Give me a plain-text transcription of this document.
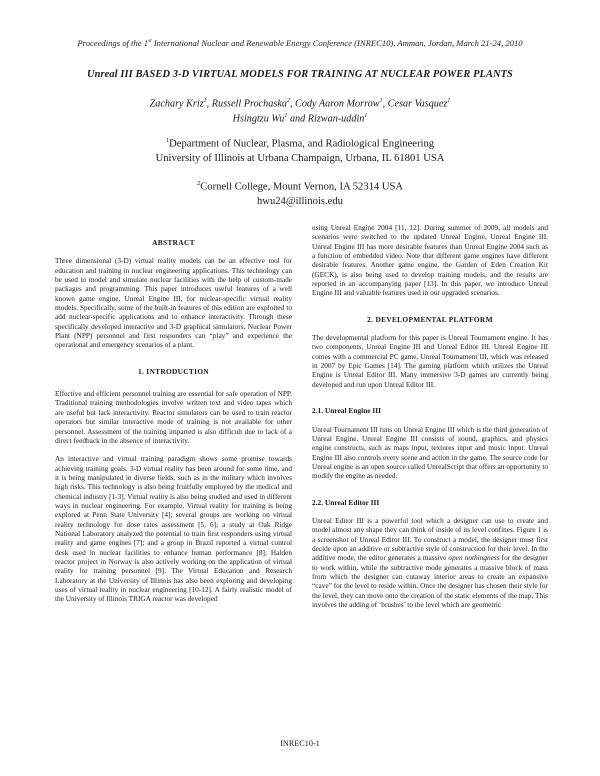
Proceedings of the 1st International Nuclear and Renewable Energy Conference (INREC10), Amman, Jordan, March 21-24, 2010
Unreal III BASED 3-D VIRTUAL MODELS FOR TRAINING AT NUCLEAR POWER PLANTS
Zachary Kriz$^1$, Russell Prochaska$^2$, Cody Aaron Morrow$^1$, Cesar Vasquez$^1$
Hsingtzu Wu$^1$ and Rizwan-uddin$^1$
$^1$Department of Nuclear, Plasma, and Radiological Engineering
University of Illinois at Urbana Champaign, Urbana, IL 61801 USA
$^2$Cornell College, Mount Vernon, IA 52314 USA
hwu24@illinois.edu
ABSTRACT

Three dimensional (3-D) virtual reality models can be an effective tool for education and training in nuclear engineering applications. This technology can be used to model and simulate nuclear facilities with the help of custom-made packages and programming. This paper introduces useful features of a well known game engine, Unreal Engine III, for nuclear-specific virtual reality models. Specifically, some of the built-in features of this edition are exploited to add nuclear-specific applications and to enhance interactivity. Through these specifically developed interactive and 3-D graphical simulators, Nuclear Power Plant (NPP) personnel and first responders can “play” and experience the operational and emergency scenarios of a plant.

1. INTRODUCTION

Effective and efficient personnel training are essential for safe operation of NPP. Traditional training methodologies involve written text and video tapes which are useful but lack interactivity. Reactor simulators can be used to train reactor operators but similar interactive mode of training is not available for other personnel. Assessment of the training imparted is also difficult due to lack of a direct feedback in the absence of interactivity.

An interactive and virtual training paradigm shows some promise towards achieving training goals. 3-D virtual reality has been around for some time, and it is being manipulated in diverse fields, such as in the military which involves high risks. This technology is also being fruitfully employed by the medical and chemical industry [1-3]. Virtual reality is also being studied and used in different ways in nuclear engineering. For example, Virtual reality for training is being explored at Penn State University [4]; several groups are working on virtual reality technology for dose rates assessment [5, 6]; a study at Oak Ridge National Laboratory analyzed the potential to train first responders using virtual reality and game engines [7]; and a group in Brazil reported a virtual control desk used in nuclear facilities to enhance human performance [8]; Halden reactor project in Norway is also actively working on the application of virtual reality for training personnel [9]. The Virtual Education and Research Laboratory at the University of Illinois has also been exploring and developing uses of virtual reality in nuclear engineering [10-12]. A fairly realistic model of the University of Illinois TRIGA reactor was developed

using Unreal Engine 2004 [11, 12]. During summer of 2009, all models and scenarios were switched to the updated Unreal Engine, Unreal Engine III. Unreal Engine III has more desirable features than Unreal Engine 2004 such as a function of embedded video. Note that different game engines have different desirable features. Another game engine, the Garden of Eden Creation Kit (GECK), is also being used to develop training models, and the results are reported in an accompanying paper [13]. In this paper, we introduce Unreal Engine III and valuable features used in our upgraded scenarios.

2. DEVELOPMENTAL PLATFORM

The developmental platform for this paper is Unreal Tournament engine. It has two components, Unreal Engine III and Unreal Editor III. Unreal Engine III comes with a commercial PC game, Unreal Tournament III, which was released in 2007 by Epic Games [14]. The gaming platform which utilizes the Unreal Engine is Unreal Editor III. Many immersive 3-D games are currently being developed and run upon Unreal Editor III.

2.1. Unreal Engine III

Unreal Tournament III runs on Unreal Engine III which is the third generation of Unreal Engine. Unreal Engine III consists of sound, graphics, and physics engine constructs, such as maps input, textures input and music input. Unreal Engine III also controls every scene and action in the game. The source code for Unreal engine is an open source called UnrealScript that offers an opportunity to modify the engine as needed.

2.2. Unreal Editor III

Unreal Editor III is a powerful tool which a designer can use to create and model almost any shape they can think of inside of its level confines. Figure 1 is a screenshot of Unreal Editor III. To construct a model, the designer must first decide upon an additive or subtractive style of construction for their level. In the additive mode, the editor generates a massive open nothingness for the designer to work within, while the subtractive mode generates a massive block of mass from which the designer can cutaway interior areas to create an expansive “cave” for the level to reside within. Once the designer has chosen their style for the level, they can move onto the creation of the static elements of the map. This involves the adding of ‘brushes’ to the level which are geometric

INREC10-1
